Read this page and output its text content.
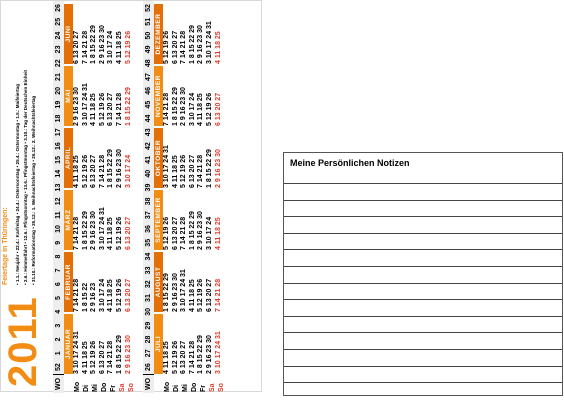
2011
Feiertage in Thüringen: • 1.1.: Neujahr • 22.4.: Karfreitag • 24.4.: Ostersonntag • 25.4.: Ostermontag • 1.5.: Maifeiertag • 2.6.: Himmelfahrt • 12.6.: Pfingstsonntag • 13.6.: Pfingstmontag • 3.10.: Tag der Deutschen Einheit • 31.10.: Reformationstag • 25.12.: 1. Weihnachtsfeiertag • 26.12.: 2. Weihnachtsfeiertag
WO
52
1
2
3
4
5
6
7
8
9
10
11
12
13
14
15
16
17
18
19
20
21
22
23
24
25
26
Mo Di Mi Do Fr Sa So
JANUAR 3 10 17 24 31 4 11 18 25 5 12 19 26 6 13 20 27 7 14 21 28 1 8 15 22 29 2 9 16 23 30
FEBRUAR 7 14 21 28 1 8 15 22 2 9 16 23 3 10 17 24 4 11 18 25 5 12 19 26 6 13 20 27
MÄRZ 7 14 21 28 1 8 15 22 29 2 9 16 23 30 3 10 17 24 31 4 11 18 25 5 12 19 26 6 13 20 27
APRIL 4 11 18 25 5 12 19 26 6 13 20 27 7 14 21 28 1 8 15 22 29 2 9 16 23 30 3 10 17 24
MAI 2 9 16 23 30 3 10 17 24 31 4 11 18 25 5 12 19 26 6 13 20 27 7 14 21 28 1 8 15 22 29
JUNI 6 13 20 27 7 14 21 28 1 8 15 22 29 2 9 16 23 30 3 10 17 24 4 11 18 25 5 12 19 26
WO
26
27
28
29
30
31
32
33
34
35
36
37
38
39
40
41
42
43
44
45
46
47
48
49
50
51
52
Mo Di Mi Do Fr Sa So
JULI 4 11 18 25 5 12 19 26 6 13 20 27 7 14 21 28 1 8 15 22 29 2 9 16 23 30 3 10 17 24 31
AUGUST 1 8 15 22 29 2 9 16 23 30 3 10 17 24 31 4 11 18 25 5 12 19 26 6 13 20 27 7 14 21 28
SEPTEMBER 5 12 19 26 6 13 20 27 7 14 21 28 1 8 15 22 29 2 9 16 23 30 3 10 17 24 4 11 18 25
OKTOBER 3 10 17 24 31 4 11 18 25 5 12 19 26 6 13 20 27 7 14 21 28 1 8 15 22 29 2 9 16 23 30
NOVEMBER 7 14 21 28 1 8 15 22 29 2 9 16 23 30 3 10 17 24 4 11 18 25 5 12 19 26 6 13 20 27
DEZEMBER 5 12 19 26 6 13 20 27 7 14 21 28 1 8 15 22 29 2 9 16 23 30 3 10 17 24 31 4 11 18 25
Meine Persönlichen Notizen
